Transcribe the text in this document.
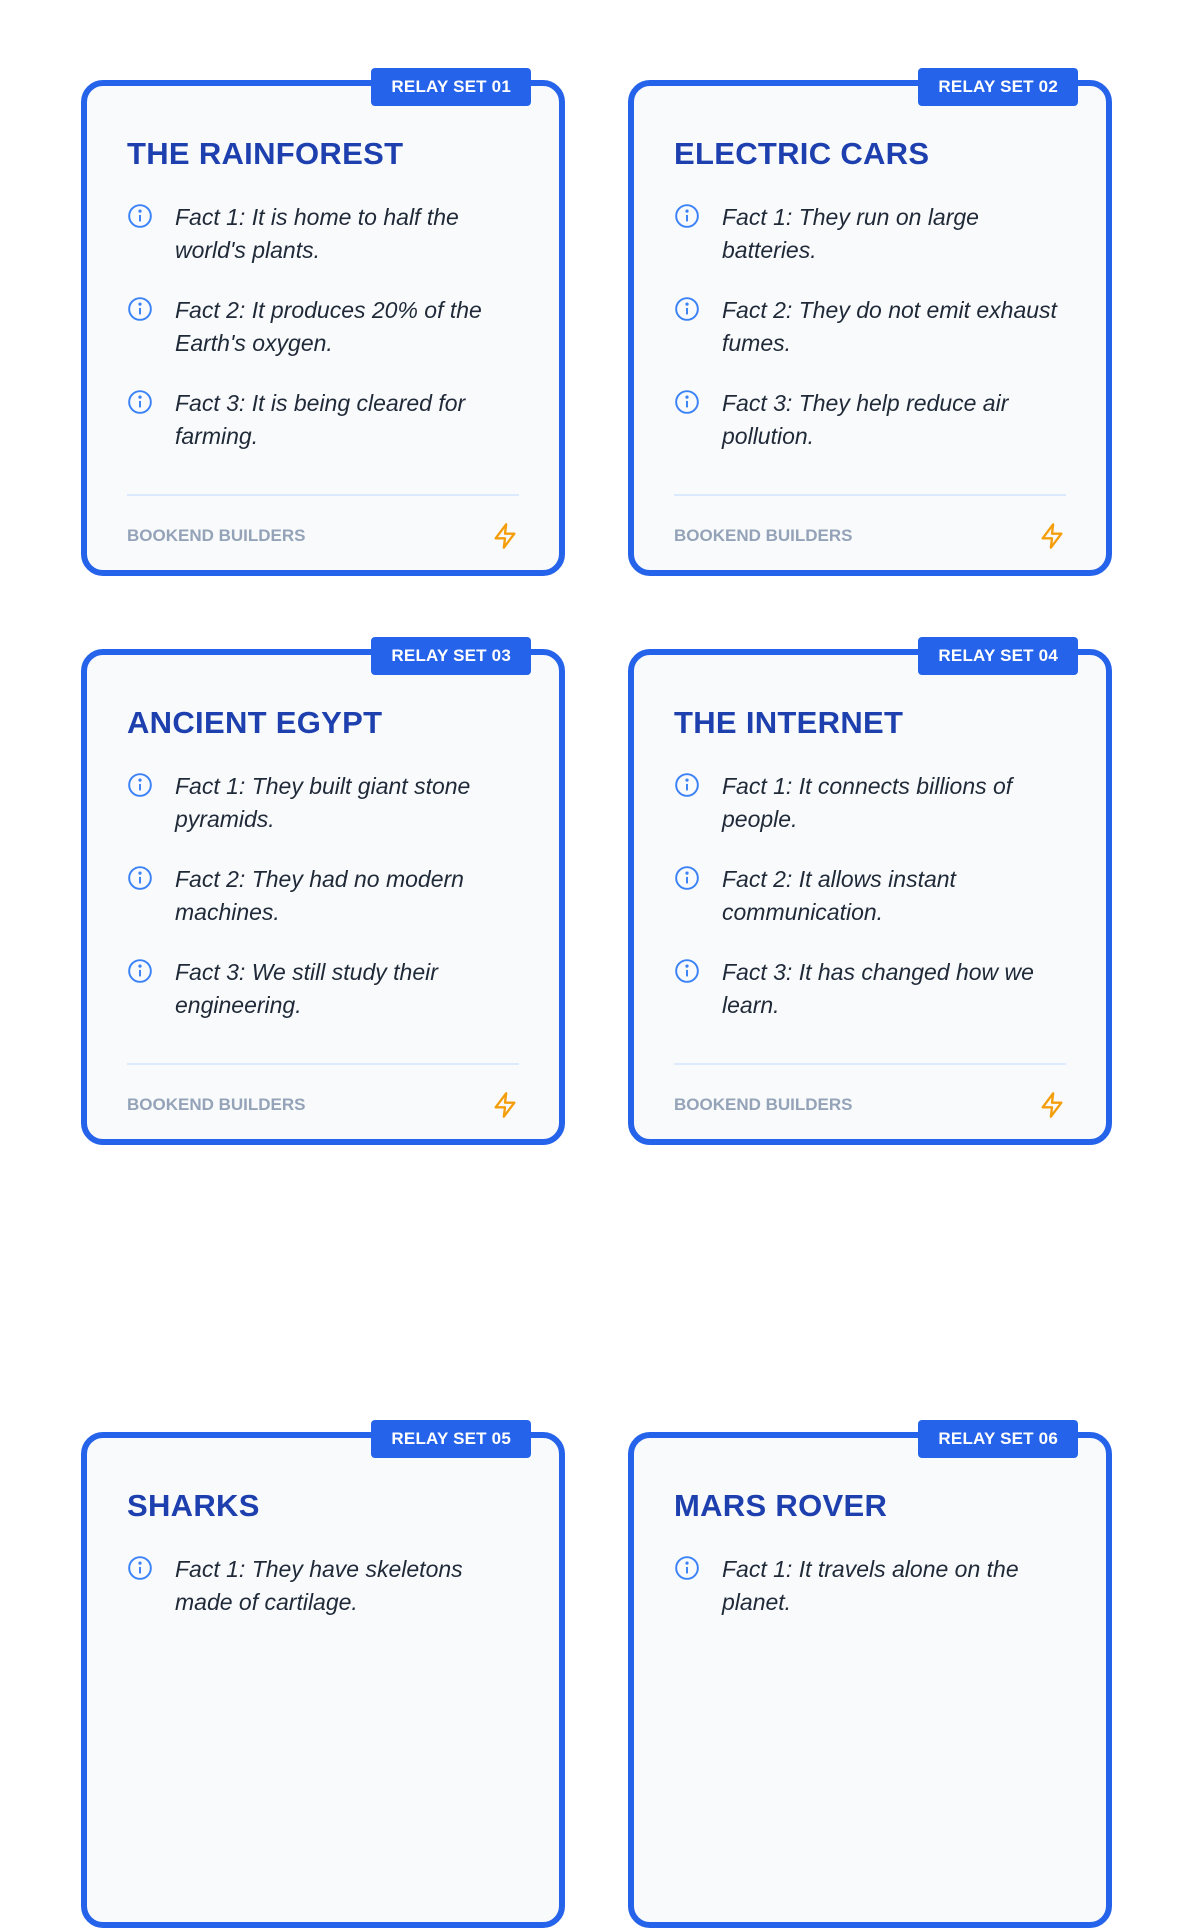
RELAY SET 01
THE RAINFOREST
Fact 1: It is home to half the world's plants.
Fact 2: It produces 20% of the Earth's oxygen.
Fact 3: It is being cleared for farming.
BOOKEND BUILDERS
RELAY SET 02
ELECTRIC CARS
Fact 1: They run on large batteries.
Fact 2: They do not emit exhaust fumes.
Fact 3: They help reduce air pollution.
BOOKEND BUILDERS
RELAY SET 03
ANCIENT EGYPT
Fact 1: They built giant stone pyramids.
Fact 2: They had no modern machines.
Fact 3: We still study their engineering.
BOOKEND BUILDERS
RELAY SET 04
THE INTERNET
Fact 1: It connects billions of people.
Fact 2: It allows instant communication.
Fact 3: It has changed how we learn.
BOOKEND BUILDERS
RELAY SET 05
SHARKS
Fact 1: They have skeletons made of cartilage.
RELAY SET 06
MARS ROVER
Fact 1: It travels alone on the planet.
